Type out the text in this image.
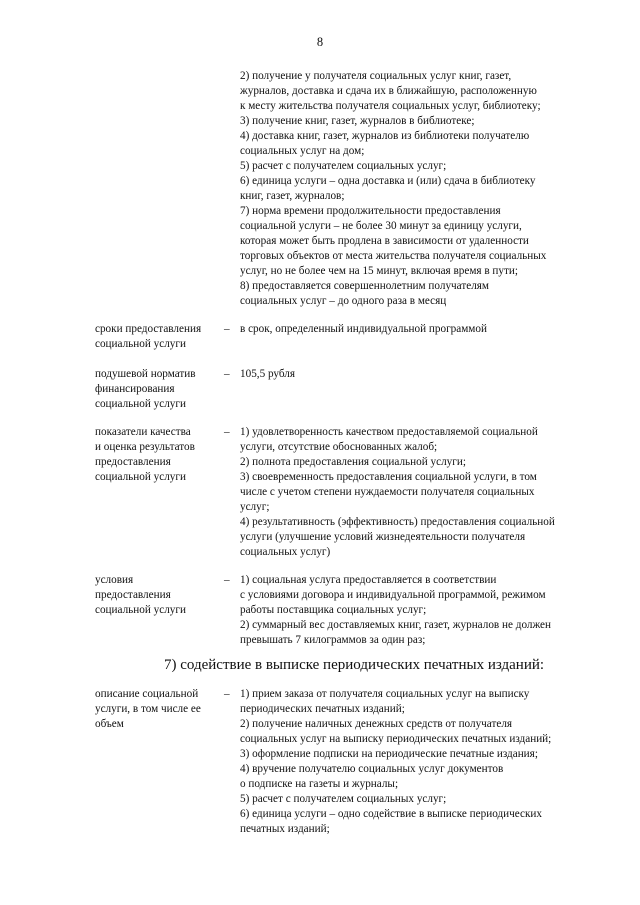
8
2) получение у получателя социальных услуг книг, газет,
журналов, доставка и сдача их в ближайшую, расположенную
к месту жительства получателя социальных услуг, библиотеку;
3) получение книг, газет, журналов в библиотеке;
4) доставка книг, газет, журналов из библиотеки получателю
социальных услуг на дом;
5) расчет с получателем социальных услуг;
6) единица услуги – одна доставка и (или) сдача в библиотеку
книг, газет, журналов;
7) норма времени продолжительности предоставления
социальной услуги – не более 30 минут за единицу услуги,
которая может быть продлена в зависимости от удаленности
торговых объектов от места жительства получателя социальных
услуг, но не более чем на 15 минут, включая время в пути;
8) предоставляется совершеннолетним получателям
социальных услуг – до одного раза в месяц
сроки предоставления
социальной услуги
– в срок, определенный индивидуальной программой
подушевой норматив
финансирования
социальной услуги
– 105,5 рубля
показатели качества
и оценка результатов
предоставления
социальной услуги
– 1) удовлетворенность качеством предоставляемой социальной
услуги, отсутствие обоснованных жалоб;
2) полнота предоставления социальной услуги;
3) своевременность предоставления социальной услуги, в том
числе с учетом степени нуждаемости получателя социальных
услуг;
4) результативность (эффективность) предоставления социальной
услуги (улучшение условий жизнедеятельности получателя
социальных услуг)
условия
предоставления
социальной услуги
– 1) социальная услуга предоставляется в соответствии
с условиями договора и индивидуальной программой, режимом
работы поставщика социальных услуг;
2) суммарный вес доставляемых книг, газет, журналов не должен
превышать 7 килограммов за один раз;
7) содействие в выписке периодических печатных изданий:
описание социальной
услуги, в том числе ее
объем
– 1) прием заказа от получателя социальных услуг на выписку
периодических печатных изданий;
2) получение наличных денежных средств от получателя
социальных услуг на выписку периодических печатных изданий;
3) оформление подписки на периодические печатные издания;
4) вручение получателю социальных услуг документов
о подписке на газеты и журналы;
5) расчет с получателем социальных услуг;
6) единица услуги – одно содействие в выписке периодических
печатных изданий;
